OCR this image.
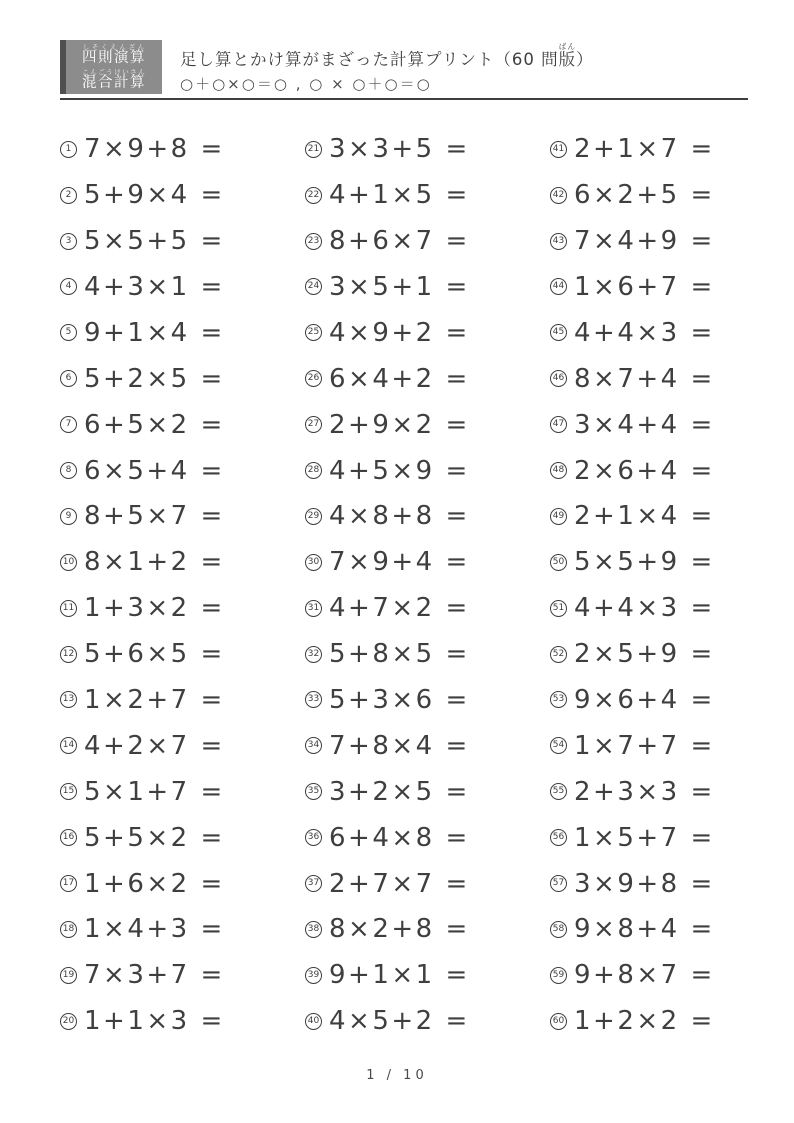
四則演算しそくえんざん
混合計算こんごうけいさん
足し算とかけ算がまざった計算プリント（60 問版ばん）
○＋○×○＝○ , ○ × ○＋○＝○
1 7×9+8 =
2 5+9×4 =
3 5×5+5 =
4 4+3×1 =
5 9+1×4 =
6 5+2×5 =
7 6+5×2 =
8 6×5+4 =
9 8+5×7 =
10 8×1+2 =
11 1+3×2 =
12 5+6×5 =
13 1×2+7 =
14 4+2×7 =
15 5×1+7 =
16 5+5×2 =
17 1+6×2 =
18 1×4+3 =
19 7×3+7 =
20 1+1×3 =
21 3×3+5 =
22 4+1×5 =
23 8+6×7 =
24 3×5+1 =
25 4×9+2 =
26 6×4+2 =
27 2+9×2 =
28 4+5×9 =
29 4×8+8 =
30 7×9+4 =
31 4+7×2 =
32 5+8×5 =
33 5+3×6 =
34 7+8×4 =
35 3+2×5 =
36 6+4×8 =
37 2+7×7 =
38 8×2+8 =
39 9+1×1 =
40 4×5+2 =
41 2+1×7 =
42 6×2+5 =
43 7×4+9 =
44 1×6+7 =
45 4+4×3 =
46 8×7+4 =
47 3×4+4 =
48 2×6+4 =
49 2+1×4 =
50 5×5+9 =
51 4+4×3 =
52 2×5+9 =
53 9×6+4 =
54 1×7+7 =
55 2+3×3 =
56 1×5+7 =
57 3×9+8 =
58 9×8+4 =
59 9+8×7 =
60 1+2×2 =
1 / 10
